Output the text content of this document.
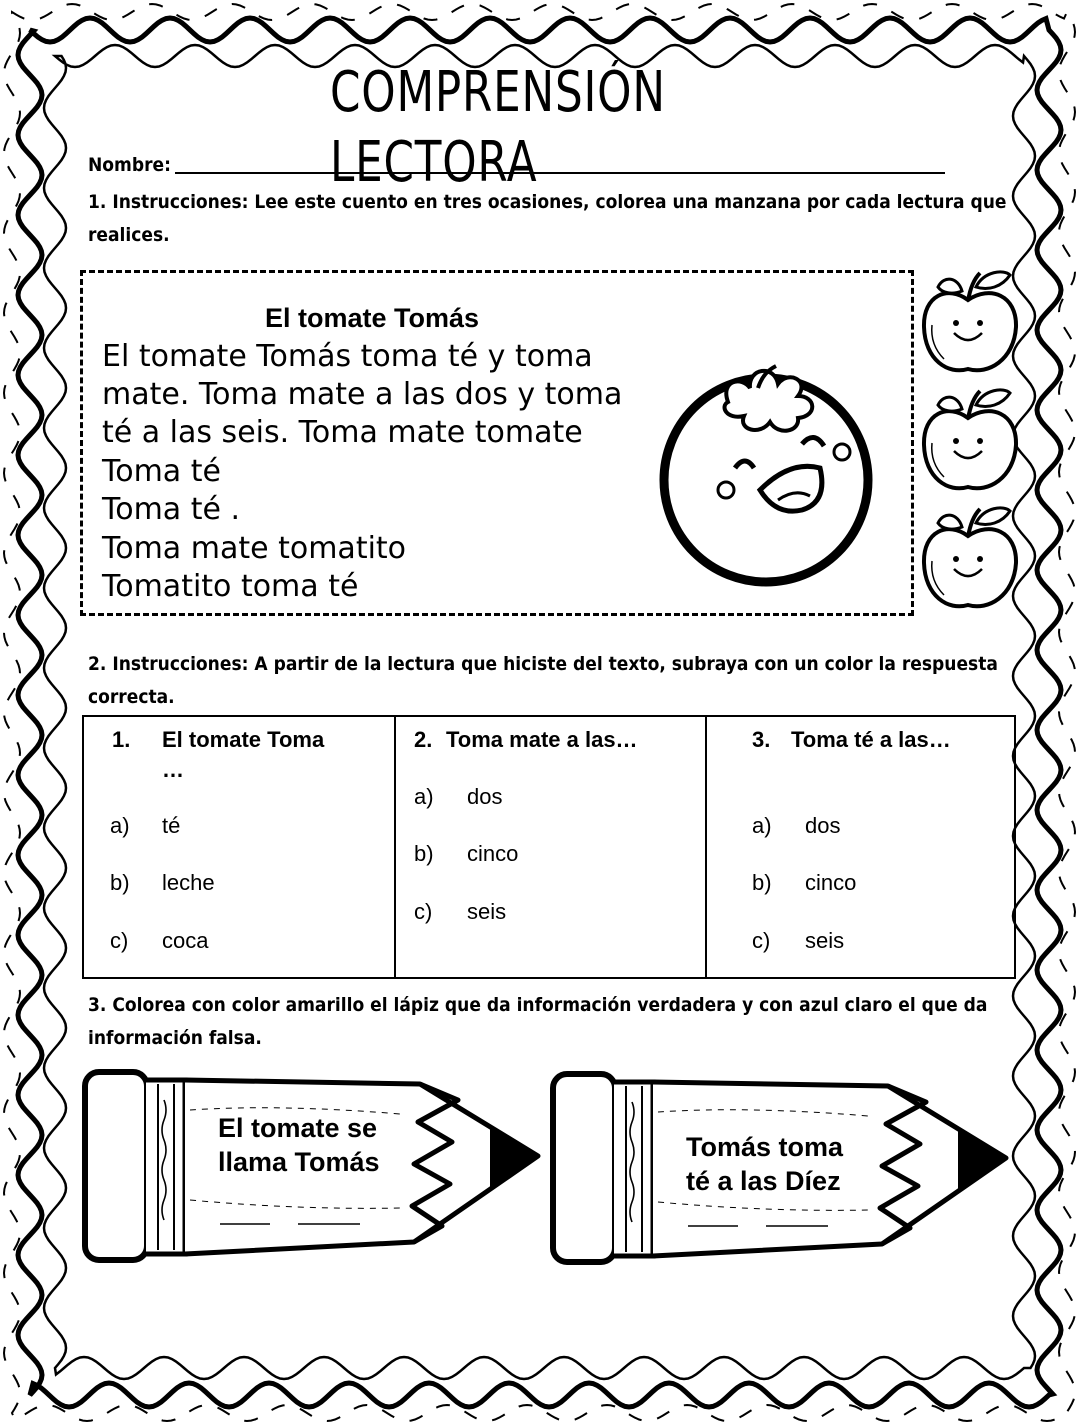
COMPRENSIÓN LECTORA
Nombre:
1. Instrucciones: Lee este cuento en tres ocasiones, colorea una manzana por cada lectura que realices.
El tomate Tomás
El tomate Tomás toma té y toma
mate. Toma mate a las dos y toma
té a las seis. Toma mate tomate
Toma té
Toma té .
Toma mate tomatito
Tomatito toma té
2. Instrucciones: A partir de la lectura que hiciste del texto, subraya con un color la respuesta correcta.
1. El tomate Toma
…
a) té
b) leche
c) coca
2. Toma mate a las…
a) dos
b) cinco
c) seis
3. Toma té a las…
a) dos
b) cinco
c) seis
3. Colorea con color amarillo el lápiz que da información verdadera y con azul claro el que da información falsa.
El tomate se
llama Tomás	Tomás toma
té a las Díez
